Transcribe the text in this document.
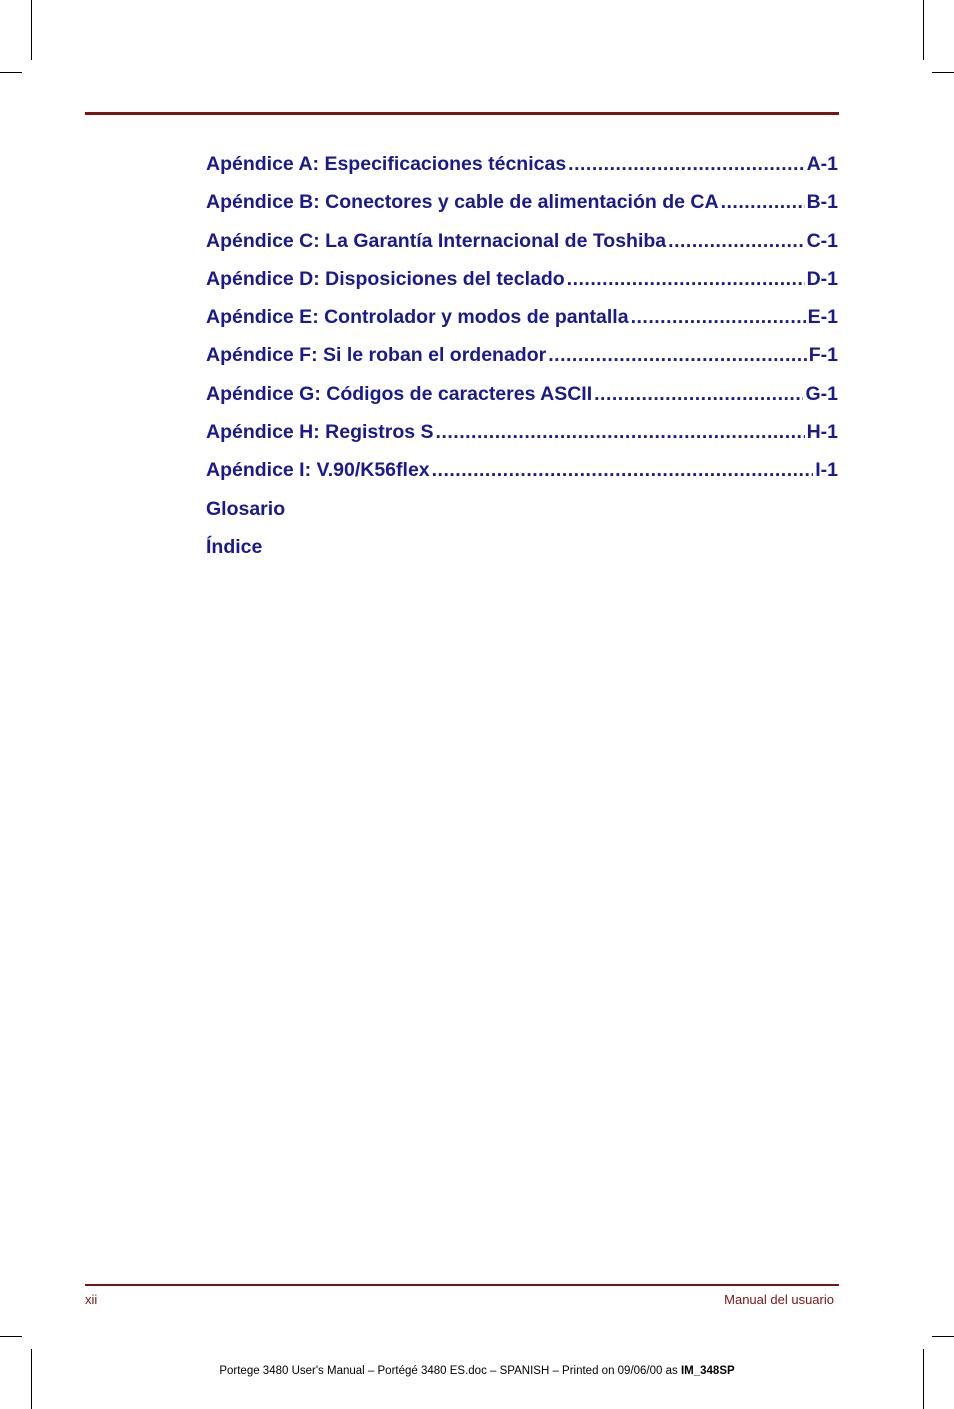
Apéndice A: Especificaciones técnicas .....	A-1
Apéndice B: Conectores y cable de alimentación de CA .....	B-1
Apéndice C: La Garantía Internacional de Toshiba .....	C-1
Apéndice D: Disposiciones del teclado .....	D-1
Apéndice E: Controlador y modos de pantalla .....	E-1
Apéndice F: Si le roban el ordenador .....	F-1
Apéndice G: Códigos de caracteres ASCII .....	G-1
Apéndice H: Registros S .....	H-1
Apéndice I: V.90/K56flex .....	I-1
Glosario
Índice
xii	Manual del usuario
Portege 3480 User's Manual – Portégé 3480 ES.doc – SPANISH – Printed on 09/06/00 as IM_348SP
